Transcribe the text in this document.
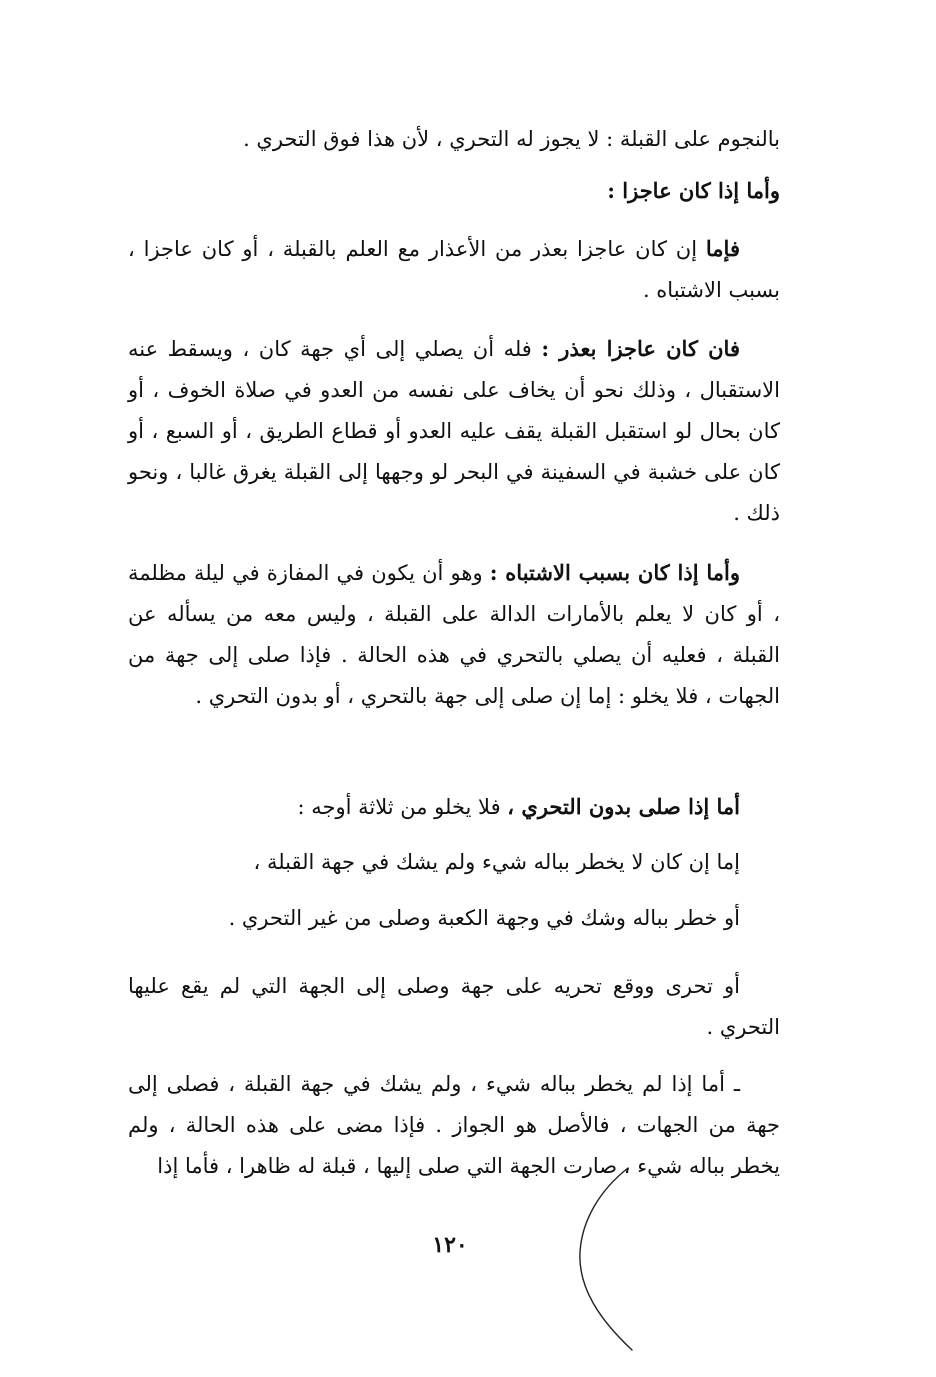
بالنجوم على القبلة : لا يجوز له التحري ، لأن هذا فوق التحري .

وأما إذا كان عاجزا :

فإما إن كان عاجزا بعذر من الأعذار مع العلم بالقبلة ، أو كان عاجزا ، بسبب الاشتباه .

فان كان عاجزا بعذر : فله أن يصلي إلى أي جهة كان ، ويسقط عنه الاستقبال ، وذلك نحو أن يخاف على نفسه من العدو في صلاة الخوف ، أو كان بحال لو استقبل القبلة يقف عليه العدو أو قطاع الطريق ، أو السبع ، أو كان على خشبة في السفينة في البحر لو وجهها إلى القبلة يغرق غالبا ، ونحو ذلك .

وأما إذا كان بسبب الاشتباه : وهو أن يكون في المفازة في ليلة مظلمة ، أو كان لا يعلم بالأمارات الدالة على القبلة ، وليس معه من يسأله عن القبلة ، فعليه أن يصلي بالتحري في هذه الحالة . فإذا صلى إلى جهة من الجهات ، فلا يخلو : إما إن صلى إلى جهة بالتحري ، أو بدون التحري .

أما إذا صلى بدون التحري ، فلا يخلو من ثلاثة أوجه :

إما إن كان لا يخطر بباله شيء ولم يشك في جهة القبلة ،

أو خطر بباله وشك في وجهة الكعبة وصلى من غير التحري .

أو تحرى ووقع تحريه على جهة وصلى إلى الجهة التي لم يقع عليها التحري .

ـ أما إذا لم يخطر بباله شيء ، ولم يشك في جهة القبلة ، فصلى إلى جهة من الجهات ، فالأصل هو الجواز . فإذا مضى على هذه الحالة ، ولم يخطر بباله شيء ، صارت الجهة التي صلى إليها ، قبلة له ظاهرا ، فأما إذا

١٢٠
